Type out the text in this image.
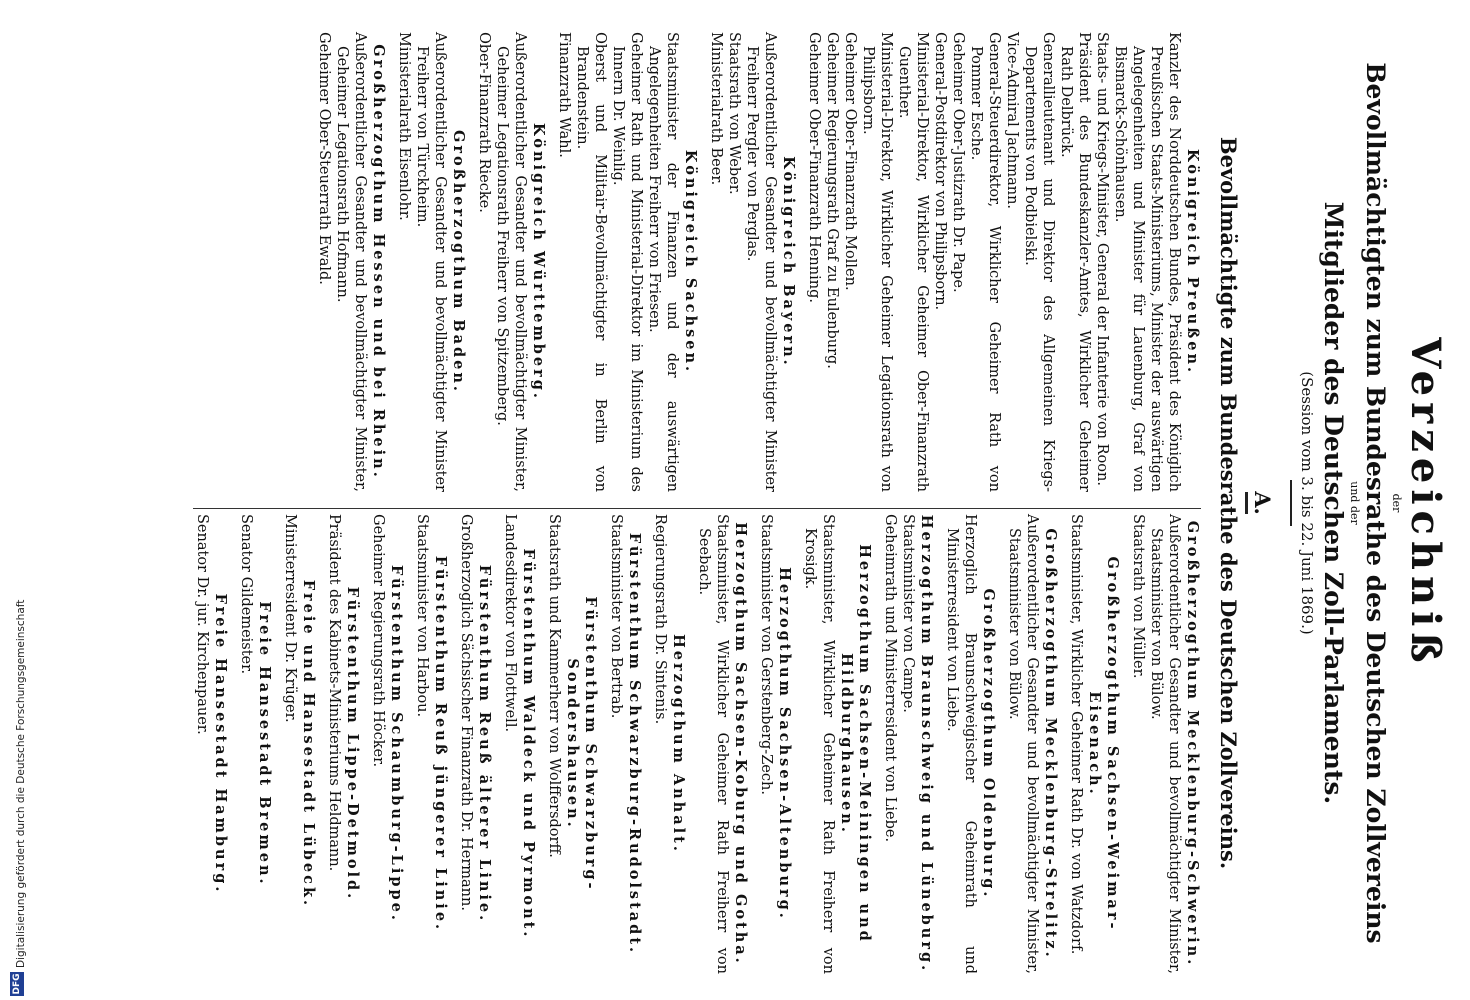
Verzeichniß
der
Bevollmächtigten zum Bundesrathe des Deutschen Zollvereins
und der
Mitglieder des Deutschen Zoll-Parlaments.
(Session vom 3. bis 22. Juni 1869.)
A.
Bevollmächtigte zum Bundesrathe des Deutschen Zollvereins.
Königreich Preußen.
Kanzler des Norddeutschen Bundes, Präsident des Königlich Preußischen Staats-Ministeriums, Minister der auswärtigen Angelegenheiten und Minister für Lauenburg, Graf von Bismarck-Schönhausen.
Staats- und Kriegs-Minister, General der Infanterie von Roon.
Präsident des Bundeskanzler-Amtes, Wirklicher Geheimer Rath Delbrück.
Generallieutenant und Direktor des Allgemeinen Kriegs-Departements von Podbielski.
Vice-Admiral Jachmann.
General-Steuerdirektor, Wirklicher Geheimer Rath von Pommer Esche.
Geheimer Ober-Justizrath Dr. Pape.
General-Postdirektor von Philipsborn.
Ministerial-Direktor, Wirklicher Geheimer Ober-Finanzrath Guenther.
Ministerial-Direktor, Wirklicher Geheimer Legationsrath von Philipsborn.
Geheimer Ober-Finanzrath Mollen.
Geheimer Regierungsrath Graf zu Eulenburg.
Geheimer Ober-Finanzrath Henning.
Königreich Bayern.
Außerordentlicher Gesandter und bevollmächtigter Minister Freiherr Pergler von Perglas.
Staatsrath von Weber.
Ministerialrath Beer.
Königreich Sachsen.
Staatsminister der Finanzen und der auswärtigen Angelegenheiten Freiherr von Friesen.
Geheimer Rath und Ministerial-Direktor im Ministerium des Innern Dr. Weinlig.
Oberst und Militair-Bevollmächtigter in Berlin von Brandenstein.
Finanzrath Wahl.
Königreich Württemberg.
Außerordentlicher Gesandter und bevollmächtigter Minister, Geheimer Legationsrath Freiherr von Spitzemberg.
Ober-Finanzrath Riecke.
Großherzogthum Baden.
Außerordentlicher Gesandter und bevollmächtigter Minister Freiherr von Türckheim.
Ministerialrath Eisenlohr.
Großherzogthum Hessen und bei Rhein.
Außerordentlicher Gesandter und bevollmächtigter Minister, Geheimer Legationsrath Hofmann.
Geheimer Ober-Steuerrath Ewald.
Großherzogthum Mecklenburg-Schwerin.
Außerordentlicher Gesandter und bevollmächtigter Minister, Staatsminister von Bülow.
Staatsrath von Müller.
Großherzogthum Sachsen-Weimar-Eisenach.
Staatsminister, Wirklicher Geheimer Rath Dr. von Watzdorf.
Großherzogthum Mecklenburg-Strelitz.
Außerordentlicher Gesandter und bevollmächtigter Minister, Staatsminister von Bülow.
Großherzogthum Oldenburg.
Herzoglich Braunschweigischer Geheimrath und Ministerresident von Liebe.
Herzogthum Braunschweig und Lüneburg.
Staatsminister von Campe.
Geheimrath und Ministerresident von Liebe.
Herzogthum Sachsen-Meiningen und Hildburghausen.
Staatsminister, Wirklicher Geheimer Rath Freiherr von Krosigk.
Herzogthum Sachsen-Altenburg.
Staatsminister von Gerstenberg-Zech.
Herzogthum Sachsen-Koburg und Gotha.
Staatsminister, Wirklicher Geheimer Rath Freiherr von Seebach.
Herzogthum Anhalt.
Regierungsrath Dr. Sintenis.
Fürstenthum Schwarzburg-Rudolstadt.
Staatsminister von Bertrab.
Fürstenthum Schwarzburg-Sondershausen.
Staatsrath und Kammerherr von Wolffersdorff.
Fürstenthum Waldeck und Pyrmont.
Landesdirektor von Flottwell.
Fürstenthum Reuß älterer Linie.
Großherzoglich Sächsischer Finanzrath Dr. Hermann.
Fürstenthum Reuß jüngerer Linie.
Staatsminister von Harbou.
Fürstenthum Schaumburg-Lippe.
Geheimer Regierungsrath Höcker.
Fürstenthum Lippe-Detmold.
Präsident des Kabinets-Ministeriums Heldmann.
Freie und Hansestadt Lübeck.
Ministerresident Dr. Krüger.
Freie Hansestadt Bremen.
Senator Gildemeister.
Freie Hansestadt Hamburg.
Senator Dr. jur. Kirchenpauer.
Digitalisierung gefördert durch die Deutsche Forschungsgemeinschaft
DFG
